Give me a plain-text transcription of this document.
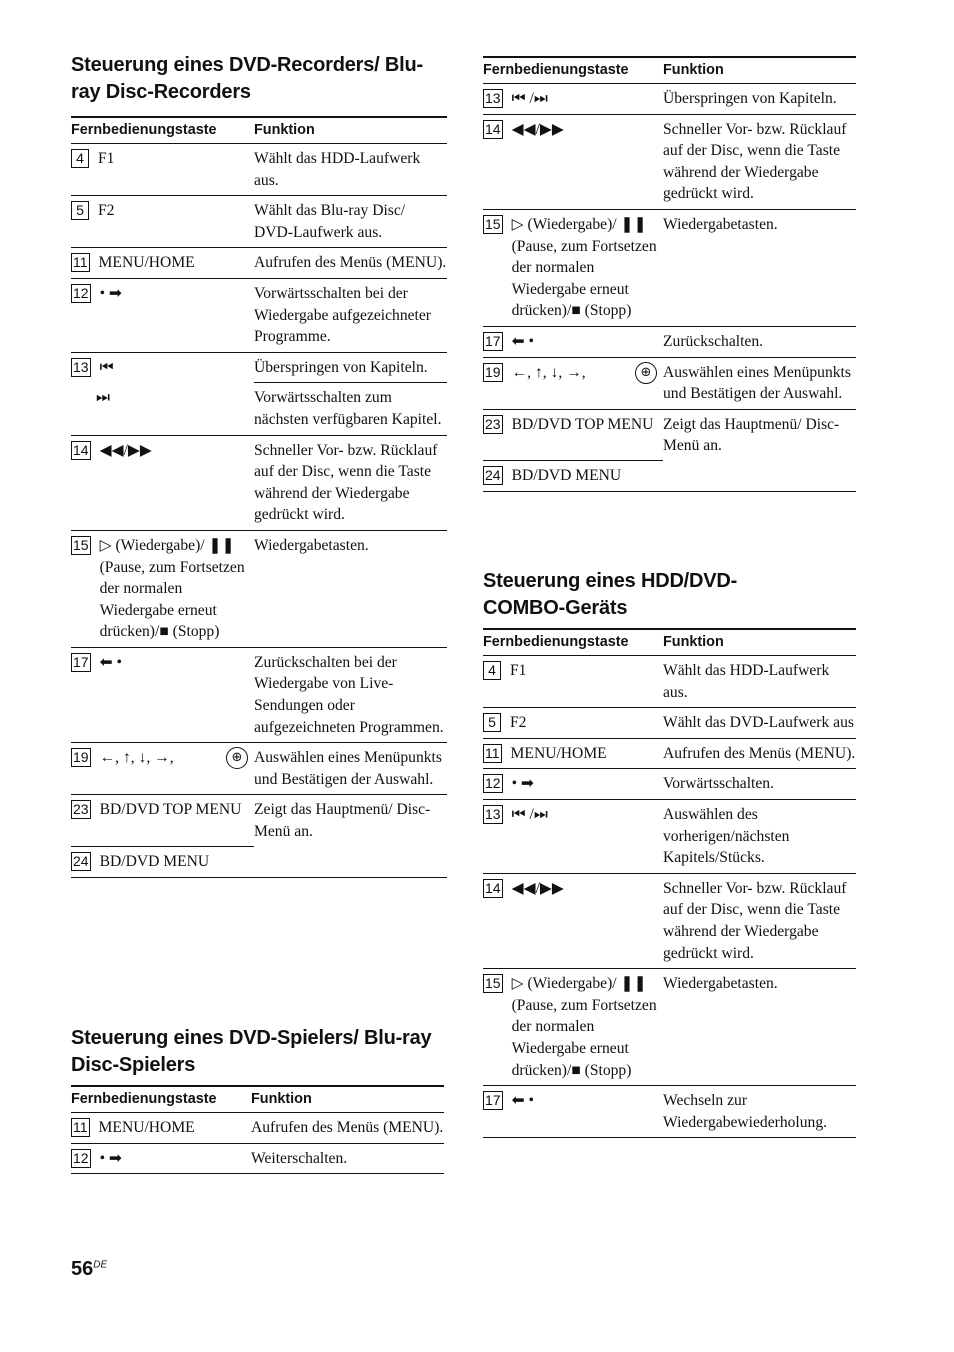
Steuerung eines DVD-Recorders/ Blu-ray Disc-Recorders
Fernbedienungstaste	Funktion

4 F1	Wählt das HDD-Laufwerk aus.

5 F2	Wählt das Blu-ray Disc/ DVD-Laufwerk aus.

11 MENU/HOME	Aufrufen des Menüs (MENU).

12 • ➡	Vorwärtsschalten bei der Wiedergabe aufgezeichneter Programme.

13 ⏮	Überspringen von Kapiteln.

⏭	Vorwärtsschalten zum nächsten verfügbaren Kapitel.

14 ◀◀/▶▶	Schneller Vor- bzw. Rücklauf auf der Disc, wenn die Taste während der Wiedergabe gedrückt wird.

15 ▷ (Wiedergabe)/ ❚❚ (Pause, zum Fortsetzen der normalen Wiedergabe erneut drücken)/■ (Stopp)	Wiedergabetasten.

17 ⬅ •	Zurückschalten bei der Wiedergabe von Live-Sendungen oder aufgezeichneten Programmen.

19 ←, ↑, ↓, →, ⊕	Auswählen eines Menüpunkts und Bestätigen der Auswahl.

23 BD/DVD TOP MENU	Zeigt das Hauptmenü/ Disc-Menü an.

24 BD/DVD MENU	

Steuerung eines DVD-Spielers/ Blu-ray Disc-Spielers
Fernbedienungstaste	Funktion

11 MENU/HOME	Aufrufen des Menüs (MENU).

12 • ➡	Weiterschalten.
Fernbedienungstaste	Funktion

13 ⏮ /⏭	Überspringen von Kapiteln.

14 ◀◀/▶▶	Schneller Vor- bzw. Rücklauf auf der Disc, wenn die Taste während der Wiedergabe gedrückt wird.

15 ▷ (Wiedergabe)/ ❚❚ (Pause, zum Fortsetzen der normalen Wiedergabe erneut drücken)/■ (Stopp)	Wiedergabetasten.

17 ⬅ •	Zurückschalten.

19 ←, ↑, ↓, →, ⊕	Auswählen eines Menüpunkts und Bestätigen der Auswahl.

23 BD/DVD TOP MENU	Zeigt das Hauptmenü/ Disc-Menü an.

24 BD/DVD MENU	

Steuerung eines HDD/DVD-COMBO-Geräts
Fernbedienungstaste	Funktion

4 F1	Wählt das HDD-Laufwerk aus.

5 F2	Wählt das DVD-Laufwerk aus

11 MENU/HOME	Aufrufen des Menüs (MENU).

12 • ➡	Vorwärtsschalten.

13 ⏮ /⏭	Auswählen des vorherigen/nächsten Kapitels/Stücks.

14 ◀◀/▶▶	Schneller Vor- bzw. Rücklauf auf der Disc, wenn die Taste während der Wiedergabe gedrückt wird.

15 ▷ (Wiedergabe)/ ❚❚ (Pause, zum Fortsetzen der normalen Wiedergabe erneut drücken)/■ (Stopp)	Wiedergabetasten.

17 ⬅ •	Wechseln zur Wiedergabewiederholung.
56DE
